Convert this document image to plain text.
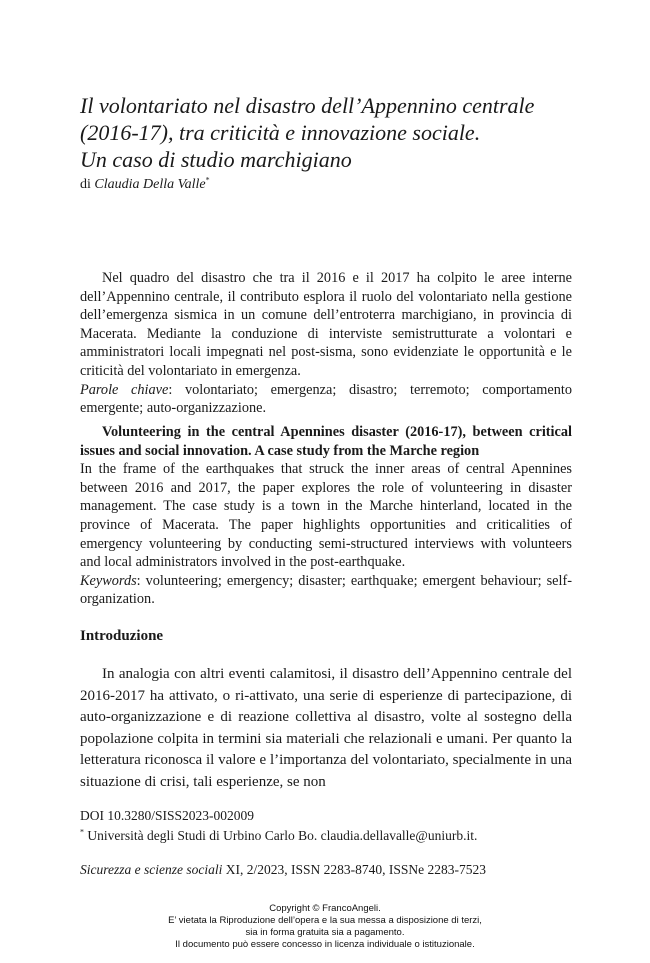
Il volontariato nel disastro dell’Appennino centrale
(2016-17), tra criticità e innovazione sociale.
Un caso di studio marchigiano
di Claudia Della Valle*

Nel quadro del disastro che tra il 2016 e il 2017 ha colpito le aree interne dell’Appennino centrale, il contributo esplora il ruolo del volontariato nella gestione dell’emergenza sismica in un comune dell’entroterra marchigiano, in provincia di Macerata. Mediante la conduzione di interviste semistrutturate a volontari e amministratori locali impegnati nel post-sisma, sono evidenziate le opportunità e le criticità del volontariato in emergenza.
Parole chiave: volontariato; emergenza; disastro; terremoto; comportamento emergente; auto-organizzazione.

Volunteering in the central Apennines disaster (2016-17), between critical issues and social innovation. A case study from the Marche region
In the frame of the earthquakes that struck the inner areas of central Apennines between 2016 and 2017, the paper explores the role of volunteering in disaster management. The case study is a town in the Marche hinterland, located in the province of Macerata. The paper highlights opportunities and criticalities of emergency volunteering by conducting semi-structured interviews with volunteers and local administrators involved in the post-earthquake.
Keywords: volunteering; emergency; disaster; earthquake; emergent behaviour; self-organization.

Introduzione

In analogia con altri eventi calamitosi, il disastro dell’Appennino centrale del 2016-2017 ha attivato, o ri-attivato, una serie di esperienze di partecipazione, di auto-organizzazione e di reazione collettiva al disastro, volte al sostegno della popolazione colpita in termini sia materiali che relazionali e umani. Per quanto la letteratura riconosca il valore e l’importanza del volontariato, specialmente in una situazione di crisi, tali esperienze, se non

DOI 10.3280/SISS2023-002009
* Università degli Studi di Urbino Carlo Bo. claudia.dellavalle@uniurb.it.
Sicurezza e scienze sociali XI, 2/2023, ISSN 2283-8740, ISSNe 2283-7523
Copyright © FrancoAngeli.
E’ vietata la Riproduzione dell’opera e la sua messa a disposizione di terzi,
sia in forma gratuita sia a pagamento.
Il documento può essere concesso in licenza individuale o istituzionale.
